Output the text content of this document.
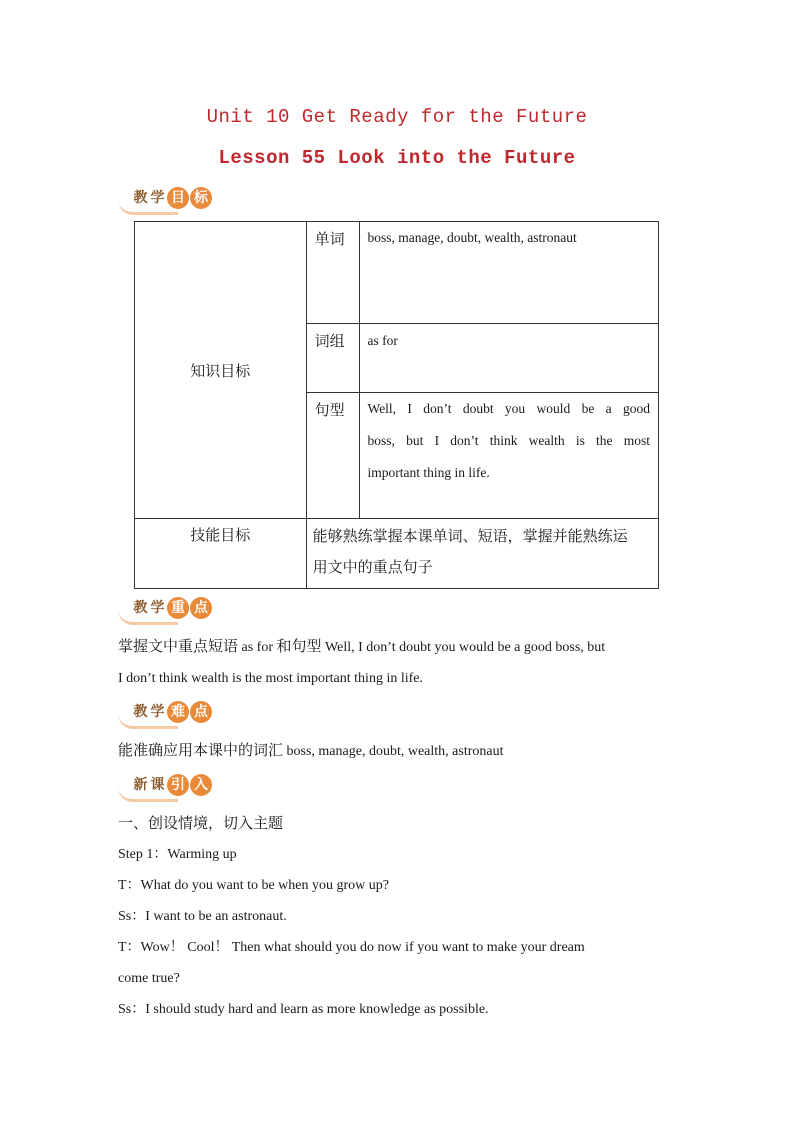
Unit 10 Get Ready for the Future
Lesson 55 Look into the Future
教 学 目 标
知识目标	单词	boss, manage, doubt, wealth, astronaut
	词组	as for
	句型	Well, I don’t doubt you would be a good
boss, but I don’t think wealth is the most
important thing in life.

技能目标	能够熟练掌握本课单词、短语，掌握并能熟练运
用文中的重点句子	
教 学 重 点
掌握文中重点短语 as for 和句型 Well, I don’t doubt you would be a good boss, but
I don’t think wealth is the most important thing in life.
教 学 难 点
能准确应用本课中的词汇 boss, manage, doubt, wealth, astronaut
新 课 引 入

一、创设情境，切入主题

Step 1：Warming up

T：What do you want to be when you grow up?

Ss：I want to be an astronaut.

T：Wow！ Cool！ Then what should you do now if you want to make your dream

come true?

Ss：I should study hard and learn as more knowledge as possible.
